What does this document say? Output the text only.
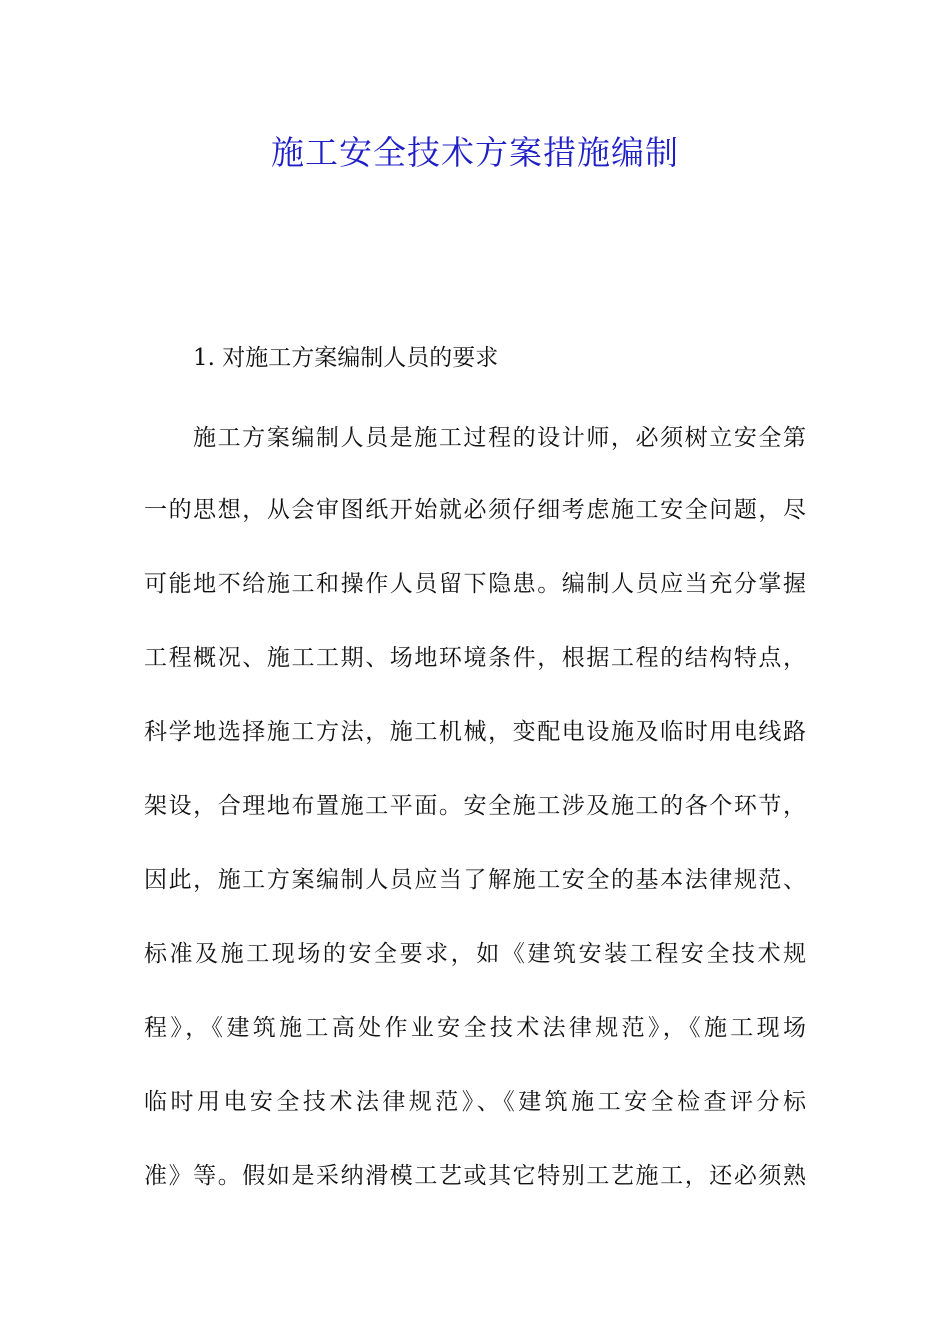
施工安全技术方案措施编制
1. 对施工方案编制人员的要求
施工方案编制人员是施工过程的设计师，必须树立安全第
一的思想，从会审图纸开始就必须仔细考虑施工安全问题，尽
可能地不给施工和操作人员留下隐患。编制人员应当充分掌握
工程概况、施工工期、场地环境条件，根据工程的结构特点，
科学地选择施工方法，施工机械，变配电设施及临时用电线路
架设，合理地布置施工平面。安全施工涉及施工的各个环节，
因此，施工方案编制人员应当了解施工安全的基本法律规范、
标准及施工现场的安全要求，如《建筑安装工程安全技术规
程》，《建筑施工高处作业安全技术法律规范》，《施工现场
临时用电安全技术法律规范》、《建筑施工安全检查评分标
准》等。假如是采纳滑模工艺或其它特别工艺施工，还必须熟
